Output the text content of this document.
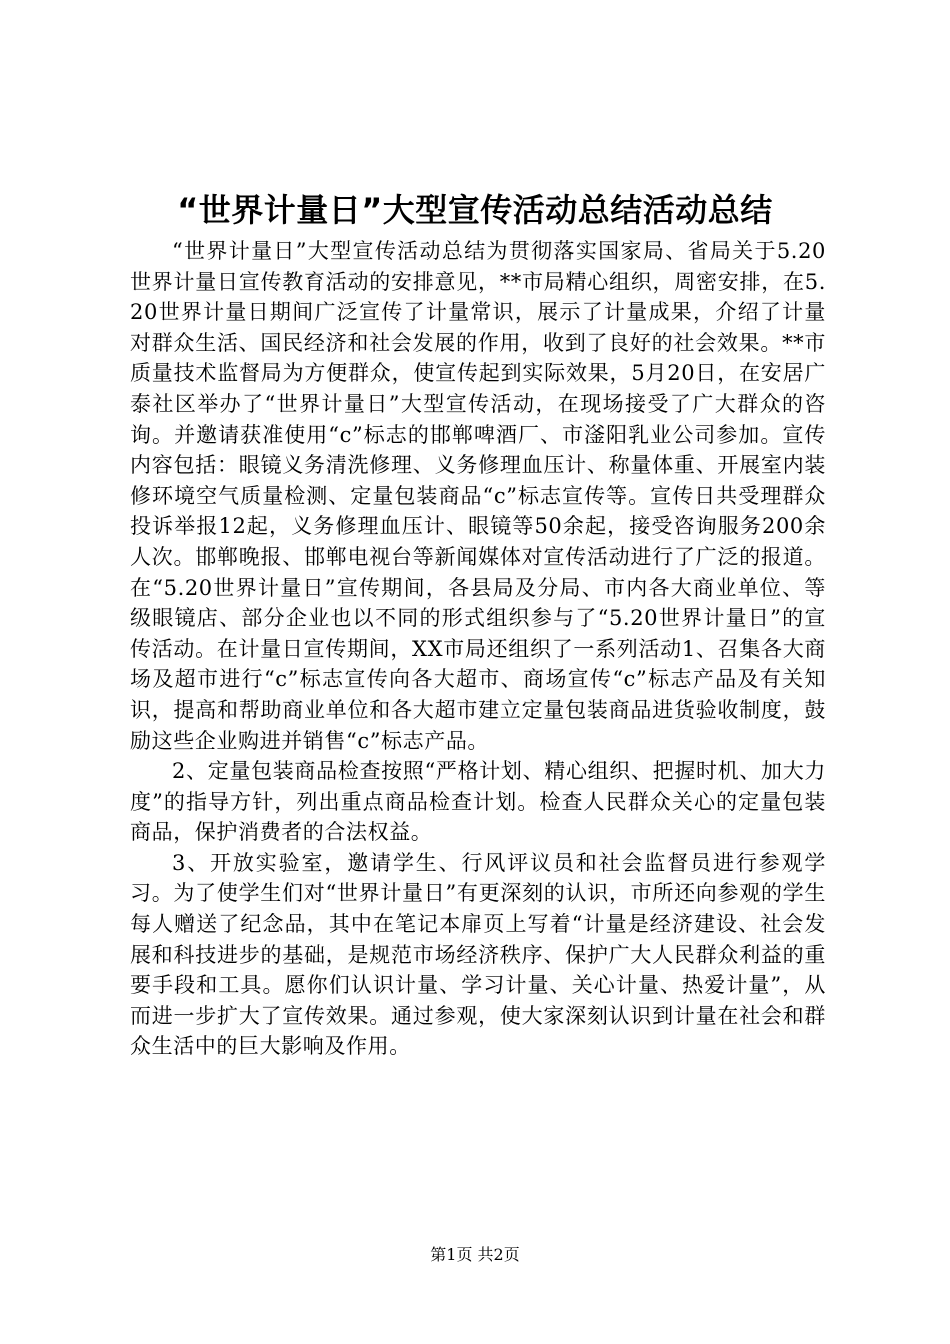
“世界计量日”大型宣传活动总结活动总结

“世界计量日”大型宣传活动总结为贯彻落实国家局、省局关于5.20世界计量日宣传教育活动的安排意见，**市局精心组织，周密安排，在5.20世界计量日期间广泛宣传了计量常识，展示了计量成果，介绍了计量对群众生活、国民经济和社会发展的作用，收到了良好的社会效果。**市质量技术监督局为方便群众，使宣传起到实际效果，5月20日，在安居广泰社区举办了“世界计量日”大型宣传活动，在现场接受了广大群众的咨询。并邀请获准使用“c”标志的邯郸啤酒厂、市滏阳乳业公司参加。宣传内容包括：眼镜义务清洗修理、义务修理血压计、称量体重、开展室内装修环境空气质量检测、定量包装商品“c”标志宣传等。宣传日共受理群众投诉举报12起，义务修理血压计、眼镜等50余起，接受咨询服务200余人次。邯郸晚报、邯郸电视台等新闻媒体对宣传活动进行了广泛的报道。在“5.20世界计量日”宣传期间，各县局及分局、市内各大商业单位、等级眼镜店、部分企业也以不同的形式组织参与了“5.20世界计量日”的宣传活动。在计量日宣传期间，XX市局还组织了一系列活动1、召集各大商场及超市进行“c”标志宣传向各大超市、商场宣传“c”标志产品及有关知识，提高和帮助商业单位和各大超市建立定量包装商品进货验收制度，鼓励这些企业购进并销售“c”标志产品。

2、定量包装商品检查按照“严格计划、精心组织、把握时机、加大力度”的指导方针，列出重点商品检查计划。检查人民群众关心的定量包装商品，保护消费者的合法权益。

3、开放实验室，邀请学生、行风评议员和社会监督员进行参观学习。为了使学生们对“世界计量日”有更深刻的认识，市所还向参观的学生每人赠送了纪念品，其中在笔记本扉页上写着“计量是经济建设、社会发展和科技进步的基础，是规范市场经济秩序、保护广大人民群众利益的重要手段和工具。愿你们认识计量、学习计量、关心计量、热爱计量”，从而进一步扩大了宣传效果。通过参观，使大家深刻认识到计量在社会和群众生活中的巨大影响及作用。

第1页 共2页
